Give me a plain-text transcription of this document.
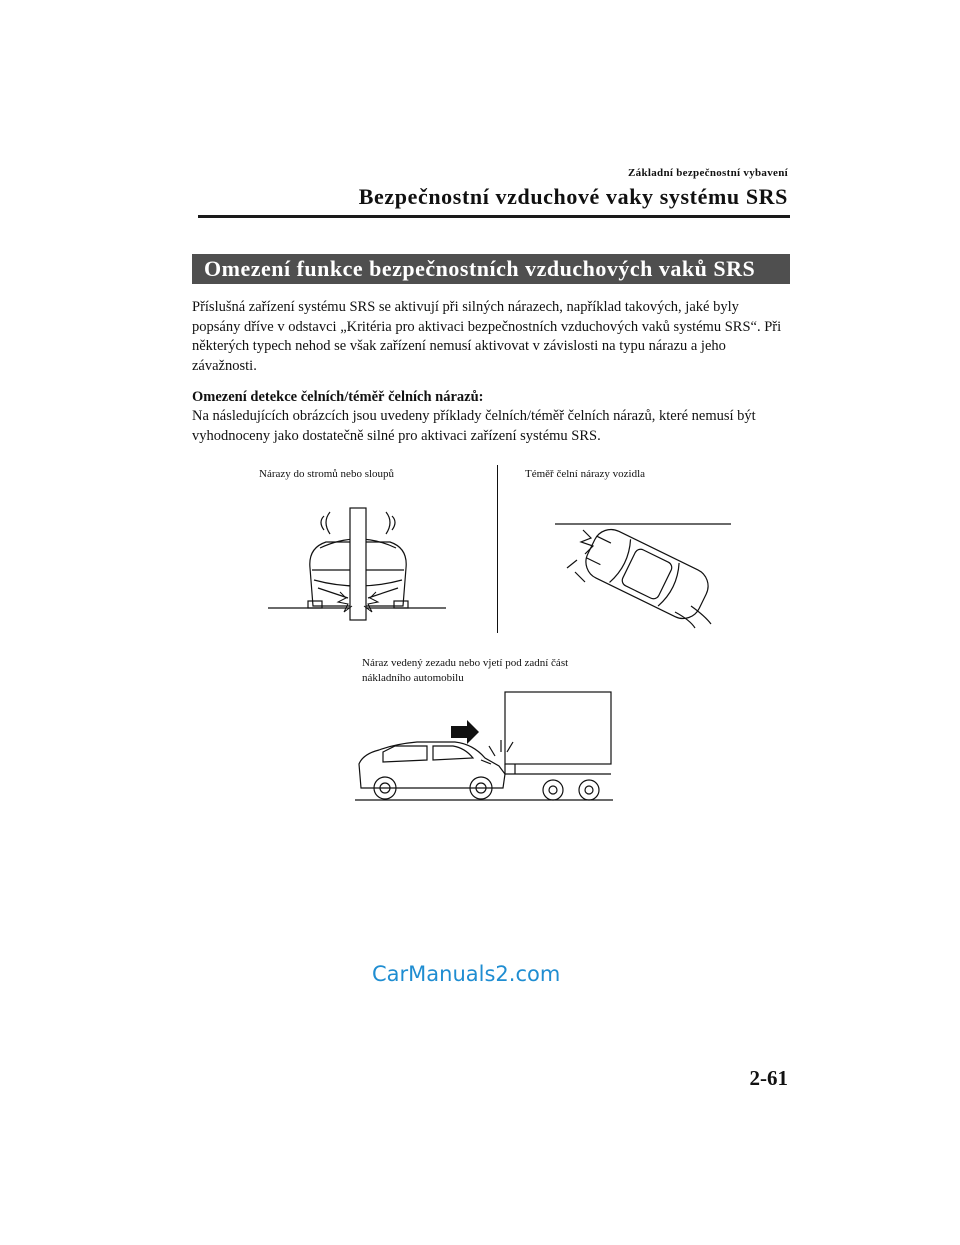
Základní bezpečnostní vybavení
Bezpečnostní vzduchové vaky systému SRS
Omezení funkce bezpečnostních vzduchových vaků SRS
Příslušná zařízení systému SRS se aktivují při silných nárazech, například takových, jaké byly popsány dříve v odstavci „Kritéria pro aktivaci bezpečnostních vzduchových vaků systému SRS“. Při některých typech nehod se však zařízení nemusí aktivovat v závislosti na typu nárazu a jeho závažnosti.
Omezení detekce čelních/téměř čelních nárazů:
Na následujících obrázcích jsou uvedeny příklady čelních/téměř čelních nárazů, které nemusí být vyhodnoceny jako dostatečně silné pro aktivaci zařízení systému SRS.
Nárazy do stromů nebo sloupů	Téměř čelní nárazy vozidla
Náraz vedený zezadu nebo vjetí pod zadní část
nákladního automobilu
CarManuals2.com
2-61
